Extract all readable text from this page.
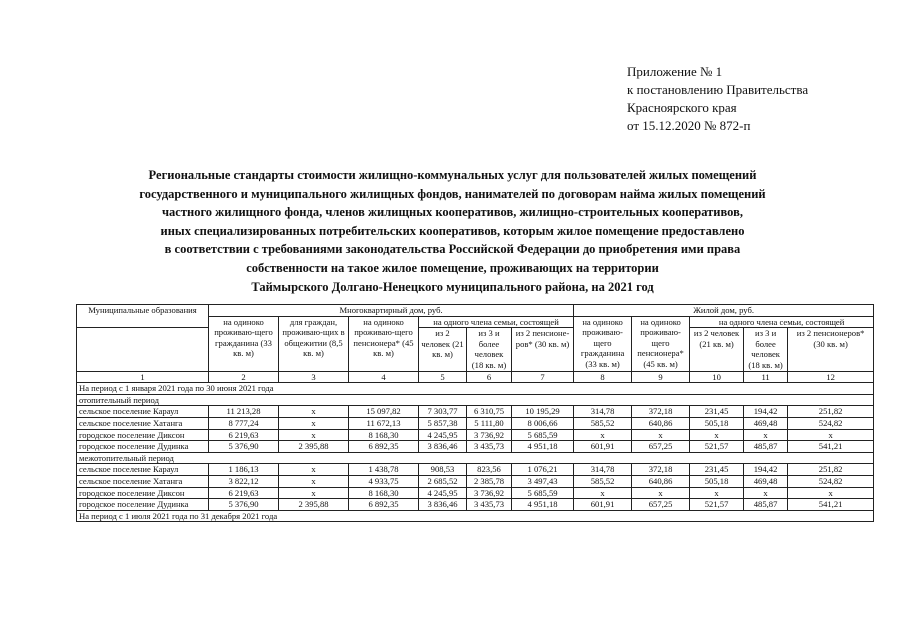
Приложение № 1
к постановлению Правительства
Красноярского края
от 15.12.2020 № 872-п
Региональные стандарты стоимости жилищно-коммунальных услуг для пользователей жилых помещений
государственного и муниципального жилищных фондов, нанимателей по договорам найма жилых помещений
частного жилищного фонда, членов жилищных кооперативов, жилищно-строительных кооперативов,
иных специализированных потребительских кооперативов, которым жилое помещение предоставлено
в соответствии с требованиями законодательства Российской Федерации до приобретения ими права
собственности на такое жилое помещение, проживающих на территории
Таймырского Долгано-Ненецкого муниципального района, на 2021 год
Муниципальные образования	Многоквартирный дом, руб.						Жилой дом, руб.				
	на одиноко проживаю-щего гражданина (33 кв. м)	для граждан, проживаю-щих в общежитии (8,5 кв. м)	на одиноко проживаю-щего пенсионера* (45 кв. м)	на одного члена семьи, состоящей			на одиноко проживаю-щего гражданина (33 кв. м)	на одиноко проживаю-щего пенсионера* (45 кв. м)	на одного члена семьи, состоящей		
				из 2 человек (21 кв. м)	из 3 и более человек (18 кв. м)	из 2 пенсионе-ров* (30 кв. м)			из 2 человек (21 кв. м)	из 3 и более человек (18 кв. м)	из 2 пенсионеров* (30 кв. м)
1	2	3	4	5	6	7	8	9	10	11	12
На период с 1 января 2021 года по 30 июня 2021 года											
отопительный период											
сельское поселение Караул	11 213,28	x	15 097,82	7 303,77	6 310,75	10 195,29	314,78	372,18	231,45	194,42	251,82
сельское поселение Хатанга	8 777,24	x	11 672,13	5 857,38	5 111,80	8 006,66	585,52	640,86	505,18	469,48	524,82
городское поселение Диксон	6 219,63	x	8 168,30	4 245,95	3 736,92	5 685,59	x	x	x	x	x
городское поселение Дудинка	5 376,90	2 395,88	6 892,35	3 836,46	3 435,73	4 951,18	601,91	657,25	521,57	485,87	541,21
межотопительный период											
сельское поселение Караул	1 186,13	x	1 438,78	908,53	823,56	1 076,21	314,78	372,18	231,45	194,42	251,82
сельское поселение Хатанга	3 822,12	x	4 933,75	2 685,52	2 385,78	3 497,43	585,52	640,86	505,18	469,48	524,82
городское поселение Диксон	6 219,63	x	8 168,30	4 245,95	3 736,92	5 685,59	x	x	x	x	x
городское поселение Дудинка	5 376,90	2 395,88	6 892,35	3 836,46	3 435,73	4 951,18	601,91	657,25	521,57	485,87	541,21
На период с 1 июля 2021 года по 31 декабря 2021 года											
